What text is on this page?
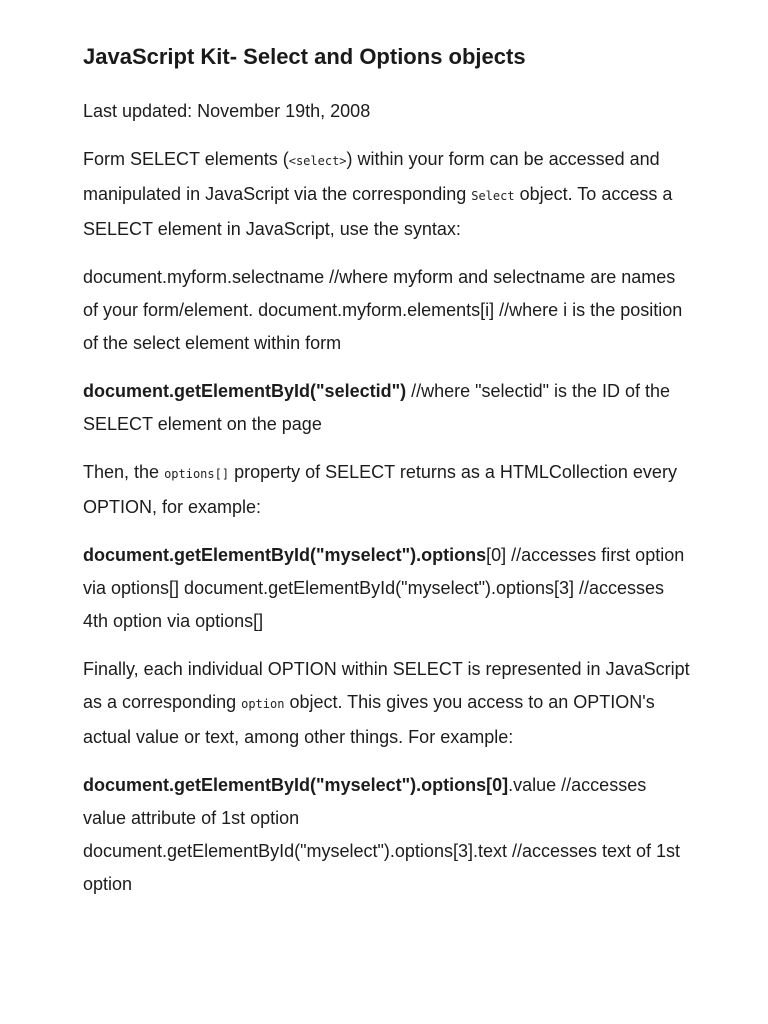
JavaScript Kit- Select and Options objects

Last updated: November 19th, 2008

Form SELECT elements (<select>) within your form can be accessed and manipulated in JavaScript via the corresponding Select object. To access a SELECT element in JavaScript, use the syntax:

document.myform.selectname //where myform and selectname are names of your form/element. document.myform.elements[i] //where i is the position of the select element within form

document.getElementById("selectid") //where "selectid" is the ID of the SELECT element on the page

Then, the options[] property of SELECT returns as a HTMLCollection every OPTION, for example:

document.getElementById("myselect").options[0] //accesses first option via options[] document.getElementById("myselect").options[3] //accesses 4th option via options[]

Finally, each individual OPTION within SELECT is represented in JavaScript as a corresponding option object. This gives you access to an OPTION's actual value or text, among other things. For example:

document.getElementById("myselect").options[0].value //accesses value attribute of 1st option document.getElementById("myselect").options[3].text //accesses text of 1st option
